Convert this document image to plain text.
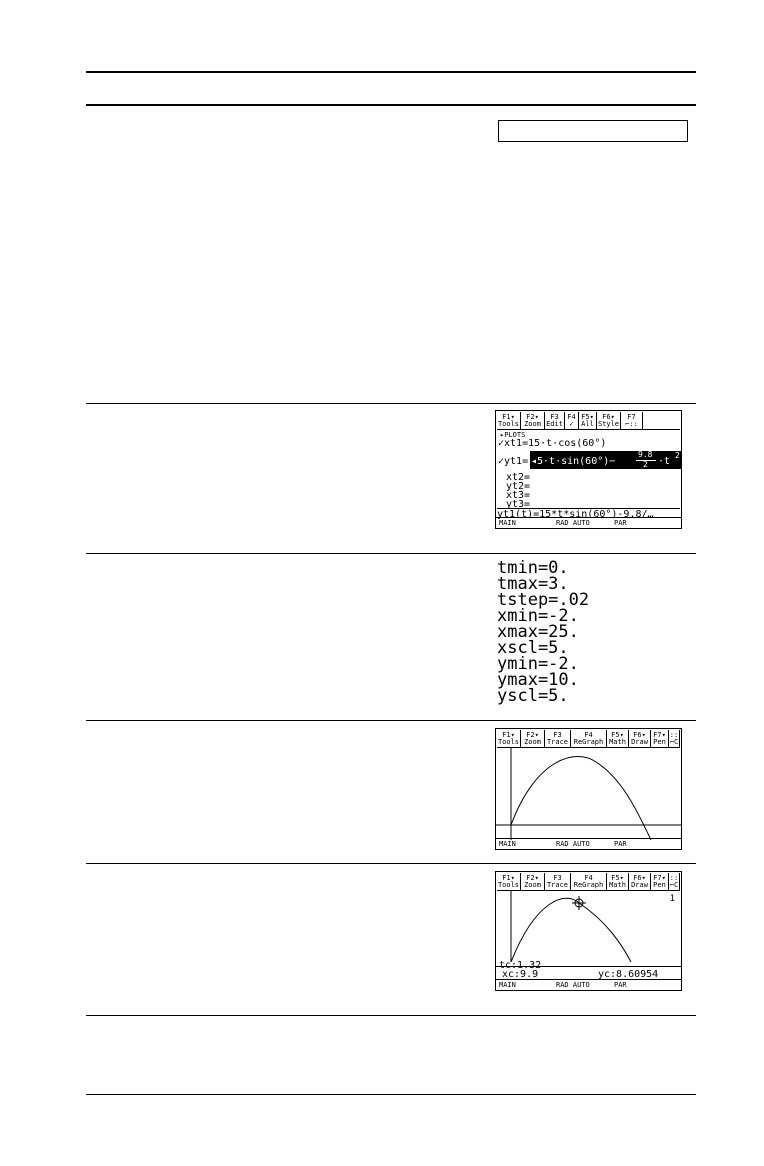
F1▾
Tools
F2▾
Zoom
F3
Edit
F4
✓
F5▾
All
F6▾
Style
F7
⌐::
▸PLOTS
✓xt1=15·t·cos(60°)
✓yt1= ◂5·t·sin(60°)−
9.8
2 ·t
2
xt2=
yt2=
xt3=
yt3=
yt1(t)=15*t*sin(60°)-9.8/…
MAIN	RAD AUTO	PAR
tmin=0.
tmax=3.
tstep=.02
xmin=-2.
xmax=25.
xscl=5.
ymin=-2.
ymax=10.
yscl=5.
F1▾
Tools
F2▾
Zoom
F3
Trace
F4
ReGraph
F5▾
Math
F6▾
Draw
F7▾
Pen
::
⌐C
MAIN	RAD AUTO	PAR
F1▾
Tools
F2▾
Zoom
F3
Trace
F4
ReGraph
F5▾
Math
F6▾
Draw
F7▾
Pen
::
⌐C
1
xc:9.9	yc:8.60954
MAIN	RAD AUTO	PAR
